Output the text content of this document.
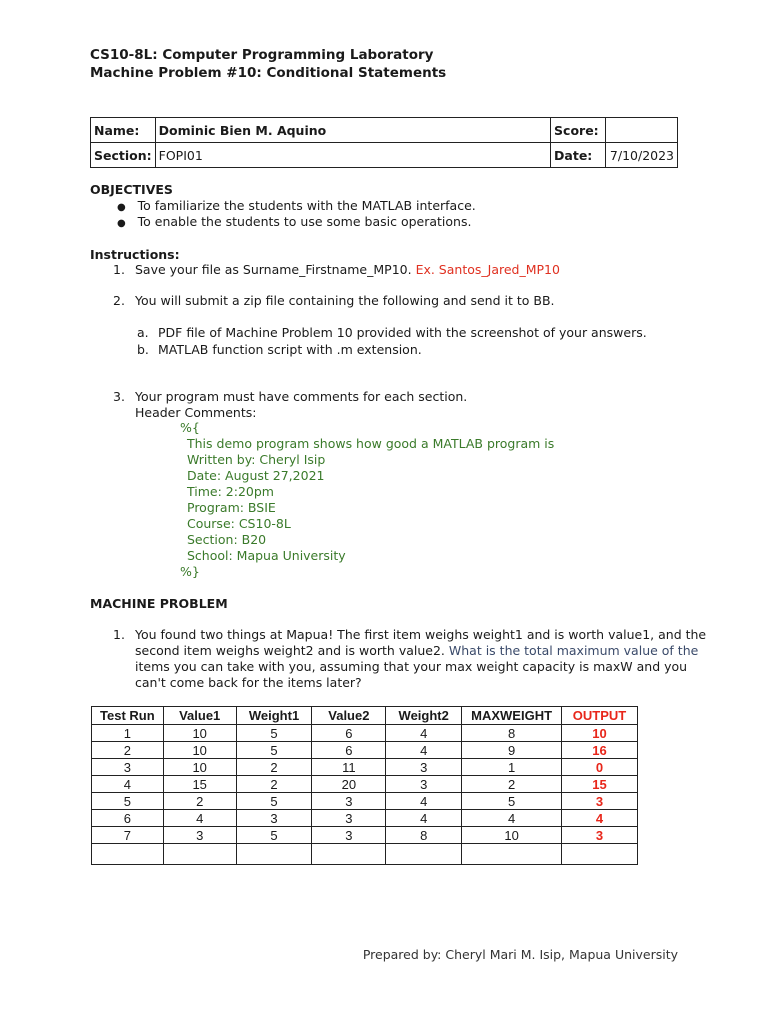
CS10-8L: Computer Programming Laboratory
Machine Problem #10: Conditional Statements
Name:	Dominic Bien M. Aquino	Score:	
Section:	FOPI01	Date:	7/10/2023
OBJECTIVES
● To familiarize the students with the MATLAB interface.
● To enable the students to use some basic operations.
Instructions:
1. Save your file as Surname_Firstname_MP10. Ex. Santos_Jared_MP10
2. You will submit a zip file containing the following and send it to BB.
a. PDF file of Machine Problem 10 provided with the screenshot of your answers.
b. MATLAB function script with .m extension.
3. Your program must have comments for each section.
Header Comments:
%{
This demo program shows how good a MATLAB program is
Written by: Cheryl Isip
Date: August 27,2021
Time: 2:20pm
Program: BSIE
Course: CS10-8L
Section: B20
School: Mapua University
%}
MACHINE PROBLEM
1. You found two things at Mapua! The first item weighs weight1 and is worth value1, and the
second item weighs weight2 and is worth value2. What is the total maximum value of the
items you can take with you, assuming that your max weight capacity is maxW and you
can't come back for the items later?
Test Run	Value1	Weight1	Value2	Weight2	MAXWEIGHT	OUTPUT
1	10	5	6	4	8	10
2	10	5	6	4	9	16
3	10	2	11	3	1	0
4	15	2	20	3	2	15
5	2	5	3	4	5	3
6	4	3	3	4	4	4
7	3	5	3	8	10	3

Prepared by: Cheryl Mari M. Isip, Mapua University
